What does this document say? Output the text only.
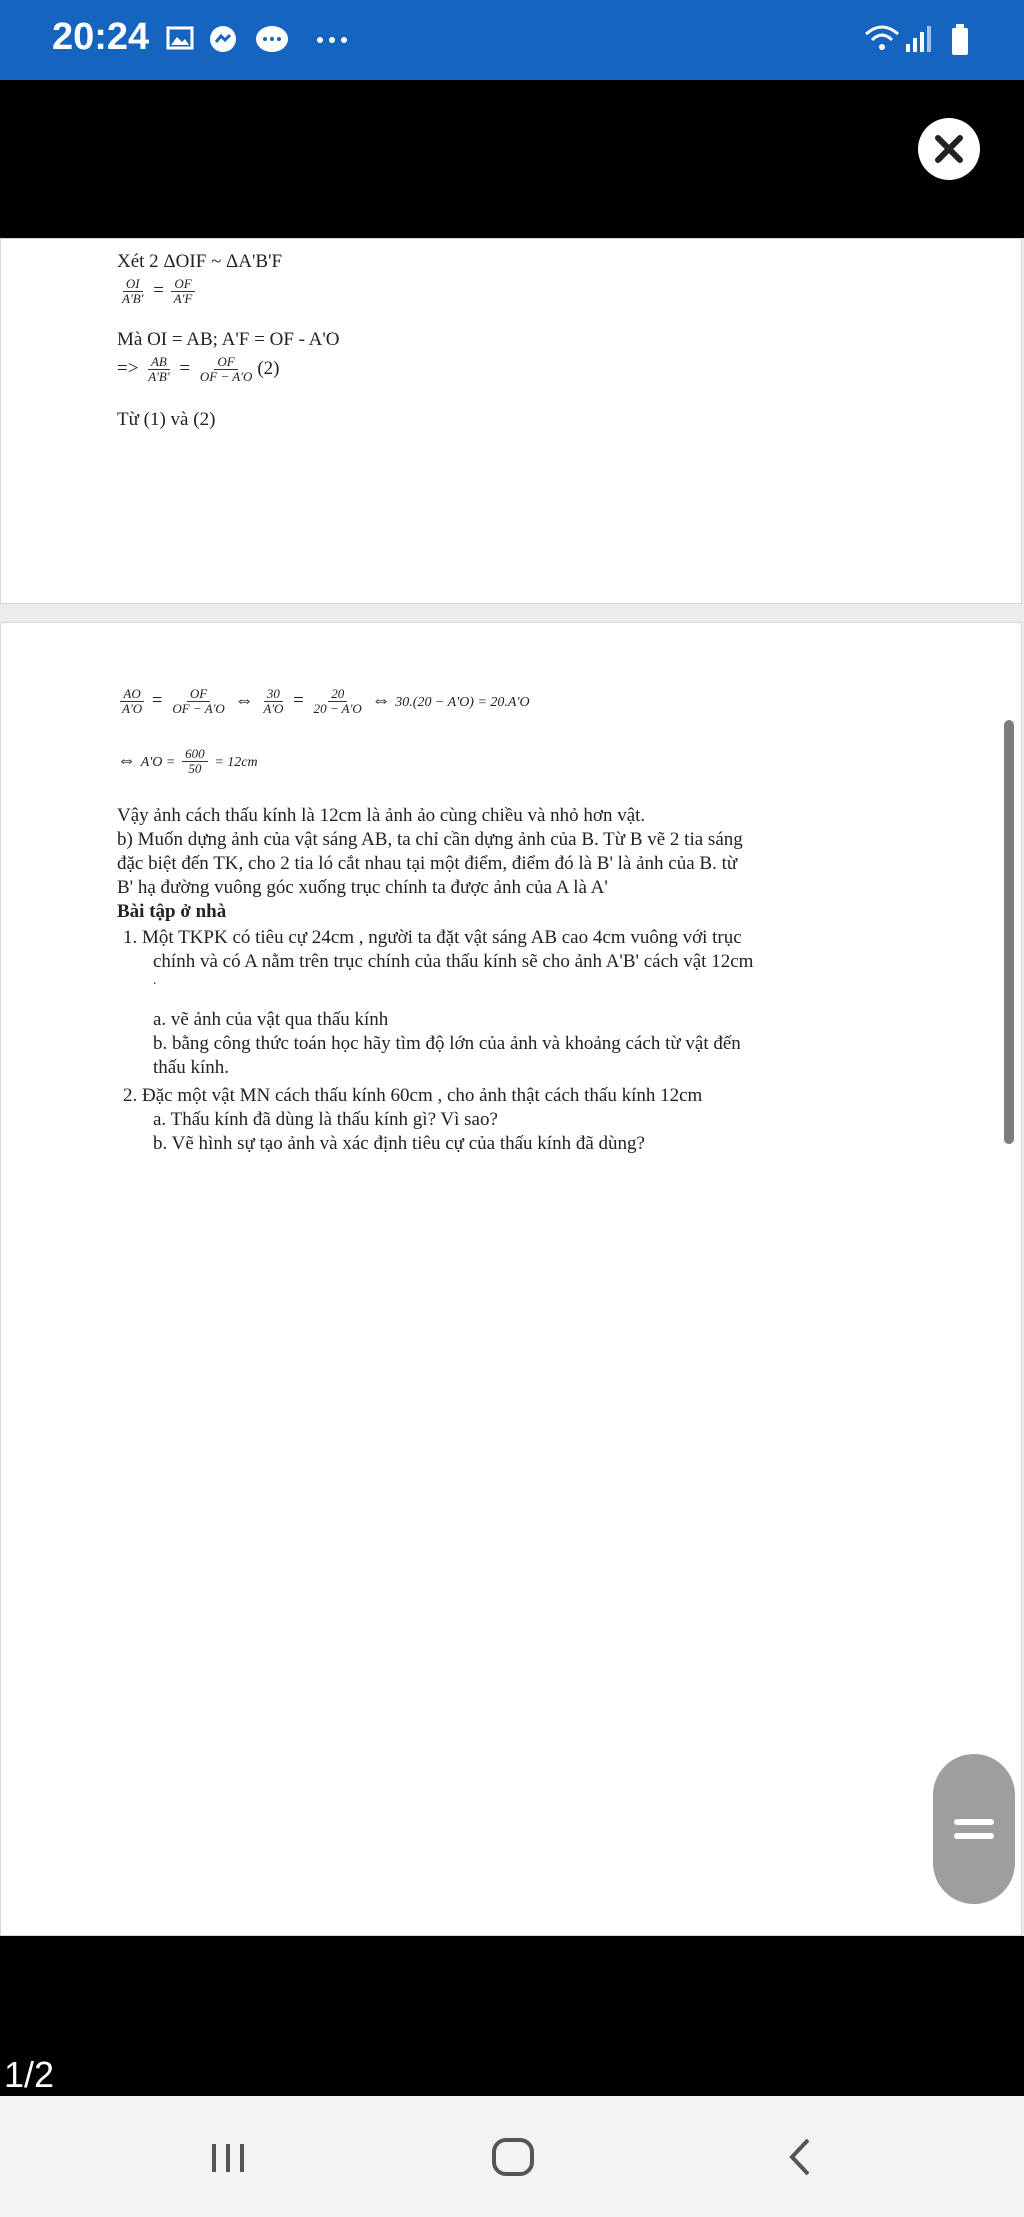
20:24
Xét 2 ΔOIF ~ ΔA'B'F
$\frac{OI}{A'B'} = \frac{OF}{A'F}$
Mà OI = AB; A'F = OF - A'O
=> $\frac{AB}{A'B'} = \frac{OF}{OF - A'O} (2)$
Từ (1) và (2)
$\frac{AO}{A'O} = \frac{OF}{OF - A'O}$ ⇔ $\frac{30}{A'O} = \frac{20}{20 - A'O}$ ⇔ 30.(20 − A'O) = 20.A'O
⇔ $A'O = \frac{600}{50} = 12cm$
Vậy ảnh cách thấu kính là 12cm là ảnh ảo cùng chiều và nhỏ hơn vật.
b) Muốn dựng ảnh của vật sáng AB, ta chỉ cần dựng ảnh của B. Từ B vẽ 2 tia sáng
đặc biệt đến TK, cho 2 tia ló cắt nhau tại một điểm, điểm đó là B' là ảnh của B. từ
B' hạ đường vuông góc xuống trục chính ta được ảnh của A là A'
Bài tập ở nhà
1. Một TKPK có tiêu cự 24cm , người ta đặt vật sáng AB cao 4cm vuông với trục
chính và có A nằm trên trục chính của thấu kính sẽ cho ảnh A'B' cách vật 12cm
.
a. vẽ ảnh của vật qua thấu kính
b. bằng công thức toán học hãy tìm độ lớn của ảnh và khoảng cách từ vật đến
thấu kính.
2. Đặc một vật MN cách thấu kính 60cm , cho ảnh thật cách thấu kính 12cm
a. Thấu kính đã dùng là thấu kính gì? Vì sao?
b. Vẽ hình sự tạo ảnh và xác định tiêu cự của thấu kính đã dùng?
1/2
